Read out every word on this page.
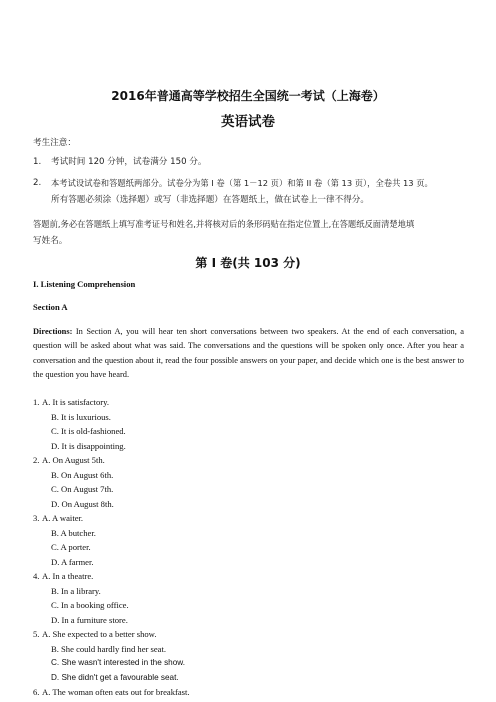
2016年普通高等学校招生全国统一考试（上海卷）
英语试卷
考生注意：
1. 考试时间 120 分钟，试卷满分 150 分。
2. 本考试设试卷和答题纸两部分。试卷分为第 I 卷（第 1－12 页）和第 II 卷（第 13 页），全卷共 13 页。
所有答题必须涂（选择题）或写（非选择题）在答题纸上，做在试卷上一律不得分。
答题前,务必在答题纸上填写准考证号和姓名,并将核对后的条形码贴在指定位置上,在答题纸反面清楚地填
写姓名。
第 I 卷(共 103 分)
I. Listening Comprehension
Section A
Directions: In Section A, you will hear ten short conversations between two speakers. At the end of each conversation, a question will be asked about what was said. The conversations and the questions will be spoken only once. After you hear a conversation and the question about it, read the four possible answers on your paper, and decide which one is the best answer to the question you have heard.
1. A. It is satisfactory.
B. It is luxurious.
C. It is old-fashioned.
D. It is disappointing.
2. A. On August 5th.
B. On August 6th.
C. On August 7th.
D. On August 8th.
3. A. A waiter.
B. A butcher.
C. A porter.
D. A farmer.
4. A. In a theatre.
B. In a library.
C. In a booking office.
D. In a furniture store.
5. A. She expected to a better show.
B. She could hardly find her seat.
C. She wasn't interested in the show.
D. She didn't get a favourable seat.
6. A. The woman often eats out for breakfast.
